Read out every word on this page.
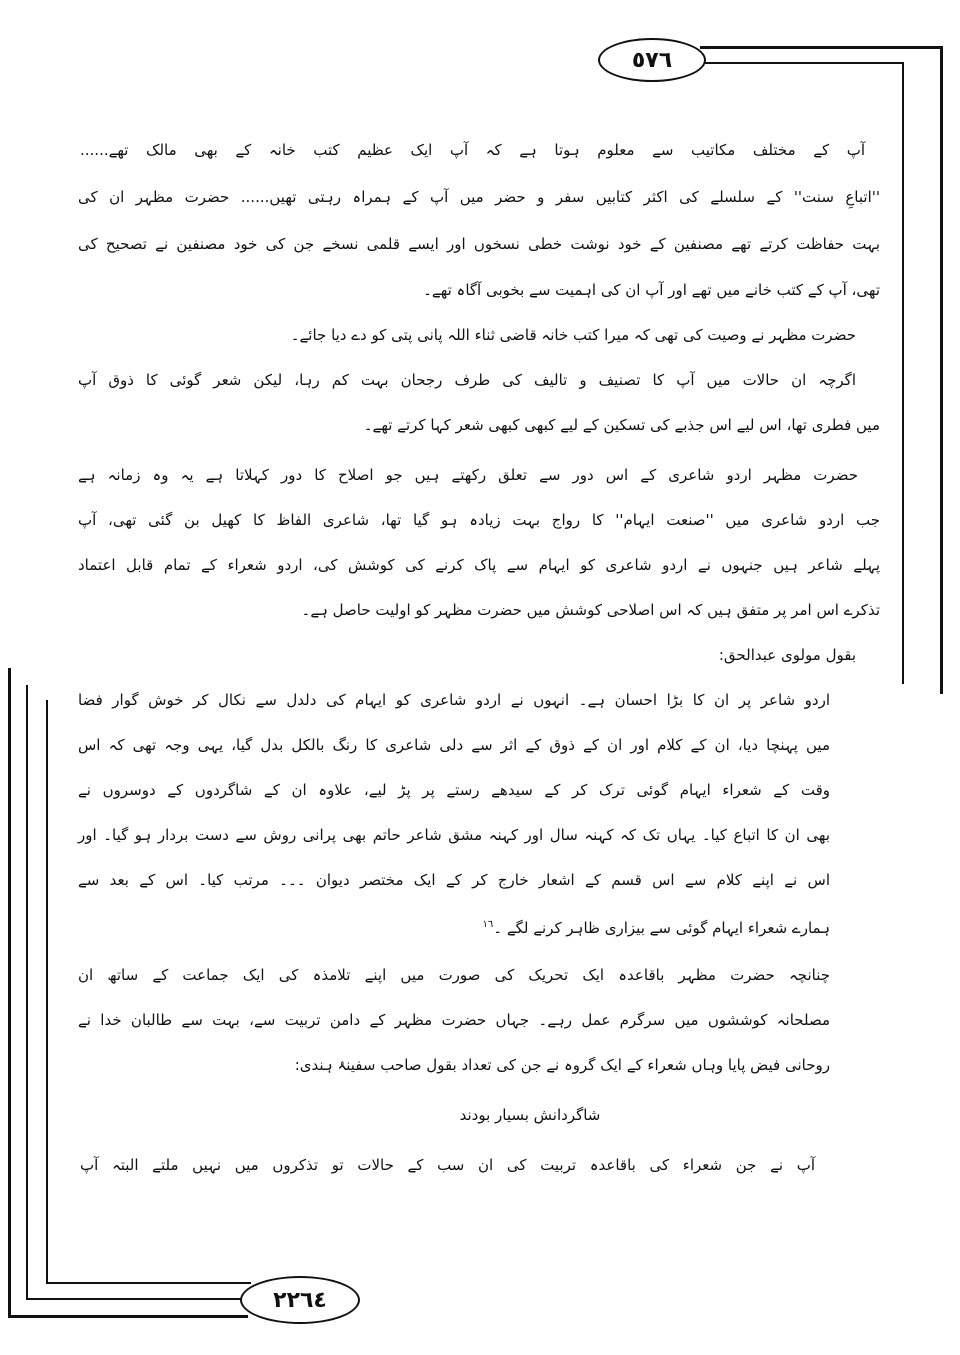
٥٧٦
٢٢٦٤
آپ کے مختلف مکاتیب سے معلوم ہوتا ہے کہ آپ ایک عظیم کتب خانہ کے بھی مالک تھے......
''اتباعِ سنت'' کے سلسلے کی اکثر کتابیں سفر و حضر میں آپ کے ہمراہ رہتی تھیں...... حضرت مظہر ان کی
بہت حفاظت کرتے تھے مصنفین کے خود نوشت خطی نسخوں اور ایسے قلمی نسخے جن کی خود مصنفین نے تصحیح کی
تھی، آپ کے کتب خانے میں تھے اور آپ ان کی اہمیت سے بخوبی آگاہ تھے۔
حضرت مظہر نے وصیت کی تھی کہ میرا کتب خانہ قاضی ثناء اللہ پانی پتی کو دے دیا جائے۔
اگرچہ ان حالات میں آپ کا تصنیف و تالیف کی طرف رجحان بہت کم رہا، لیکن شعر گوئی کا ذوق آپ
میں فطری تھا، اس لیے اس جذبے کی تسکین کے لیے کبھی کبھی شعر کہا کرتے تھے۔
حضرت مظہر اردو شاعری کے اس دور سے تعلق رکھتے ہیں جو اصلاح کا دور کہلاتا ہے یہ وہ زمانہ ہے
جب اردو شاعری میں ''صنعت ایہام'' کا رواج بہت زیادہ ہو گیا تھا، شاعری الفاظ کا کھیل بن گئی تھی، آپ
پہلے شاعر ہیں جنہوں نے اردو شاعری کو ایہام سے پاک کرنے کی کوشش کی، اردو شعراء کے تمام قابل اعتماد
تذکرے اس امر پر متفق ہیں کہ اس اصلاحی کوشش میں حضرت مظہر کو اولیت حاصل ہے۔
بقول مولوی عبدالحق:
اردو شاعر پر ان کا بڑا احسان ہے۔ انہوں نے اردو شاعری کو ایہام کی دلدل سے نکال کر خوش گوار فضا
میں پہنچا دیا، ان کے کلام اور ان کے ذوق کے اثر سے دلی شاعری کا رنگ بالکل بدل گیا، یہی وجہ تھی کہ اس
وقت کے شعراء ایہام گوئی ترک کر کے سیدھے رستے پر پڑ لیے، علاوہ ان کے شاگردوں کے دوسروں نے
بھی ان کا اتباع کیا۔ یہاں تک کہ کہنہ سال اور کہنہ مشق شاعر حاتم بھی پرانی روش سے دست بردار ہو گیا۔ اور
اس نے اپنے کلام سے اس قسم کے اشعار خارج کر کے ایک مختصر دیوان ۔۔۔ مرتب کیا۔ اس کے بعد سے
ہمارے شعراء ایہام گوئی سے بیزاری ظاہر کرنے لگے ۔$^{١٦}$
چنانچہ حضرت مظہر باقاعدہ ایک تحریک کی صورت میں اپنے تلامذہ کی ایک جماعت کے ساتھ ان
مصلحانہ کوششوں میں سرگرم عمل رہے۔ جہاں حضرت مظہر کے دامن تربیت سے، بہت سے طالبان خدا نے
روحانی فیض پایا وہاں شعراء کے ایک گروہ نے جن کی تعداد بقول صاحب سفینۂ ہندی:
شاگردانش بسیار بودند
آپ نے جن شعراء کی باقاعدہ تربیت کی ان سب کے حالات تو تذکروں میں نہیں ملتے البتہ آپ
